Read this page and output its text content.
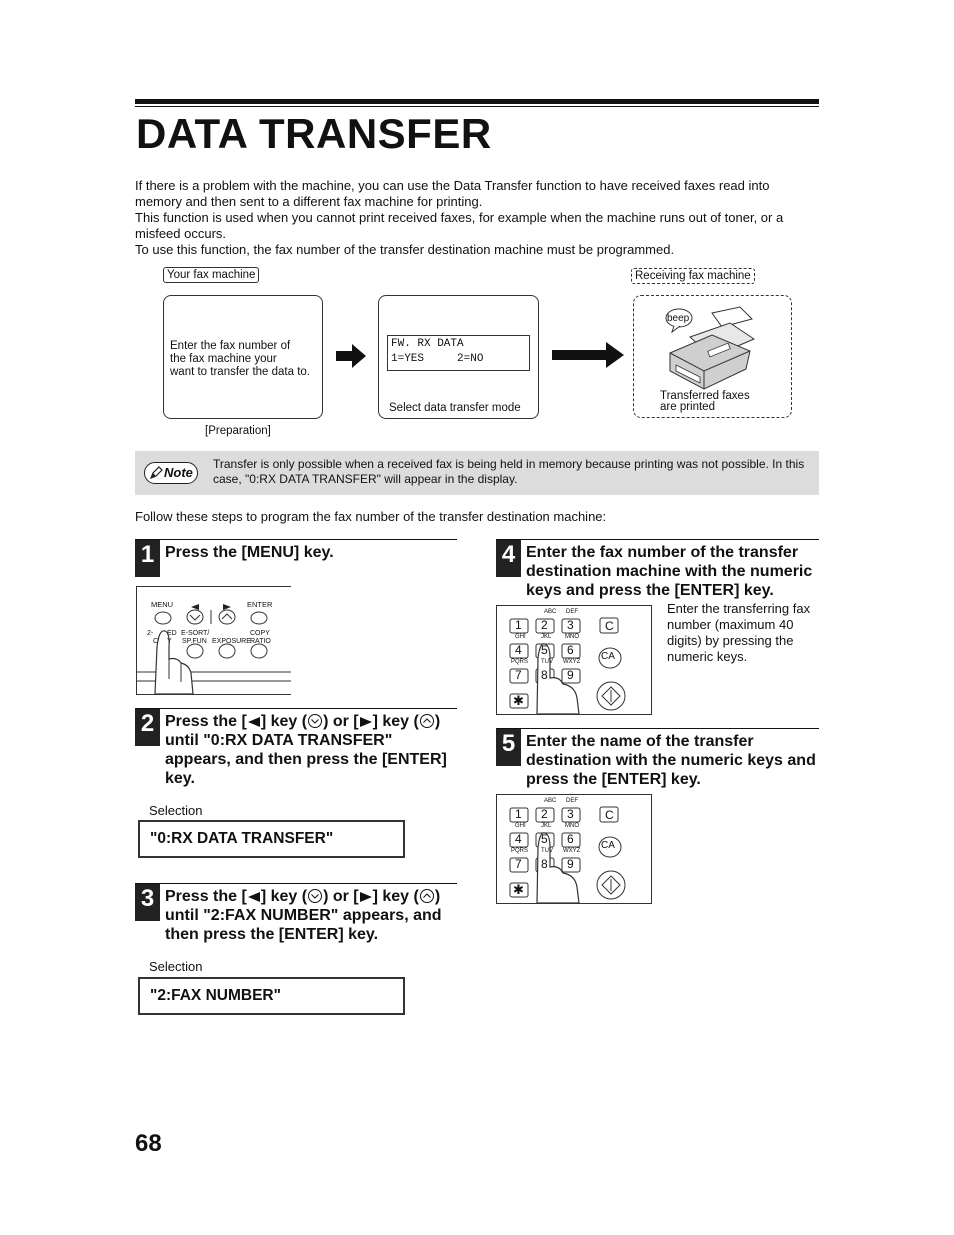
DATA TRANSFER

If there is a problem with the machine, you can use the Data Transfer function to have received faxes read into memory and then sent to a different fax machine for printing.

This function is used when you cannot print received faxes, for example when the machine runs out of toner, or a misfeed occurs.

To use this function, the fax number of the transfer destination machine must be programmed.

Your fax machine	Receiving fax machine
Enter the fax number of
the fax machine your
want to transfer the data to.
FW. RX DATA
1=YES     2=NO
Select data transfer mode
beep
Transferred faxes
are printed
[Preparation]
Note
Transfer is only possible when a received fax is being held in memory because printing was not possible. In this case, "0:RX DATA TRANSFER" will appear in the display.
Follow these steps to program the fax number of the transfer destination machine:
1 Press the [MENU] key.
MENU	ENTER
2- ED
C Y
E-SORT/
SP.FUN EXPOSURE
COPY
RATIO
2 Press the [ ] key ( ) or [ ] key ( ) until "0:RX DATA TRANSFER" appears, and then press the [ENTER] key.
Selection
"0:RX DATA TRANSFER"
3 Press the [ ] key ( ) or [ ] key ( ) until "2:FAX NUMBER" appears, and then press the [ENTER] key.
Selection
"2:FAX NUMBER"
4 Enter the fax number of the transfer destination machine with the numeric keys and press the [ENTER] key.
1 2 3
4 5 6
7 8 9
ABC DEF
GHI	JKL MNO
PQRS TUV WXYZ
C
CA
✱
Enter the transferring fax number (maximum 40 digits) by pressing the numeric keys.
5 Enter the name of the transfer destination with the numeric keys and press the [ENTER] key.
1 2 3
4 5 6
7 8 9
ABC DEF
GHI	JKL MNO
PQRS TUV WXYZ
C
CA
✱
68
